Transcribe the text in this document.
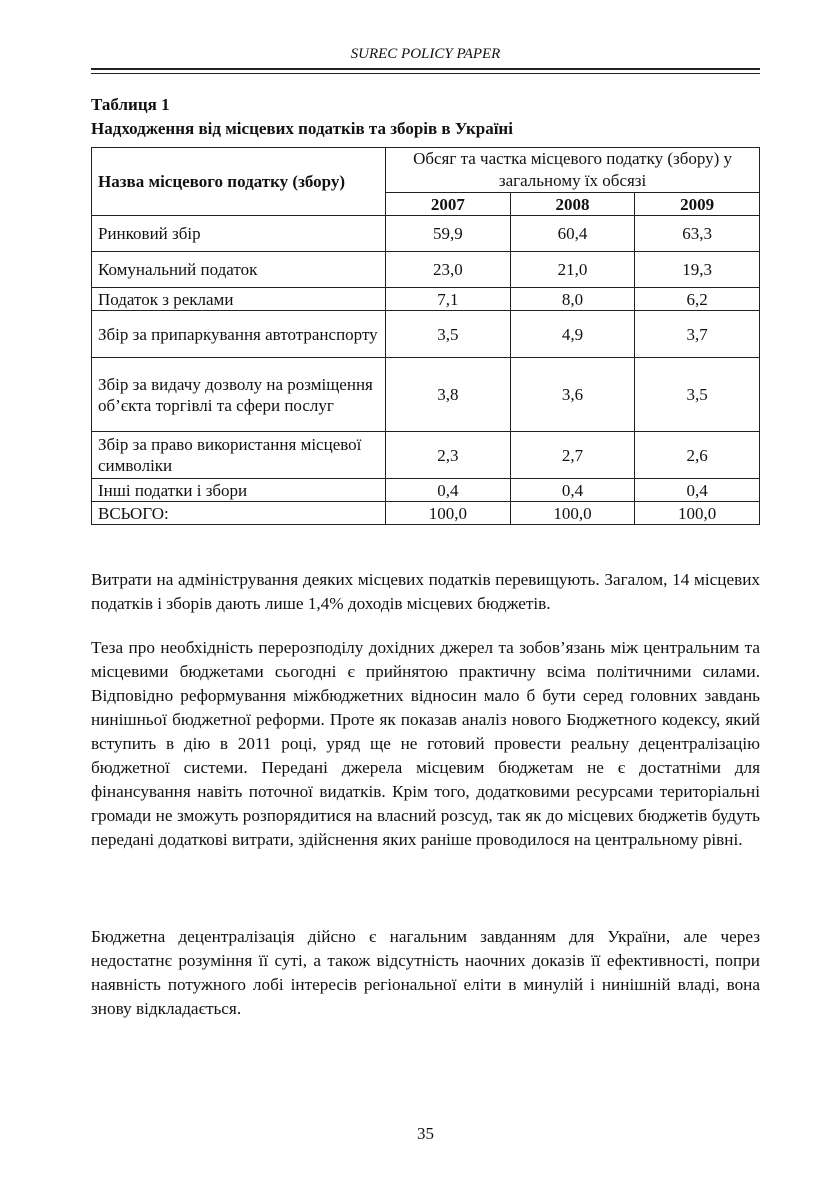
SUREC POLICY PAPER
Таблиця 1
Надходження від місцевих податків та зборів в Україні
Назва місцевого податку (збору)	Обсяг та частка місцевого податку (збору) у загальному їх обсязі		
	2007	2008	2009
Ринковий збір	59,9	60,4	63,3
Комунальний податок	23,0	21,0	19,3
Податок з реклами	7,1	8,0	6,2
Збір за припаркування автотранспорту	3,5	4,9	3,7
Збір за видачу дозволу на розміщення об’єкта торгівлі та сфери послуг	3,8	3,6	3,5
Збір за право використання місцевої символіки	2,3	2,7	2,6
Інші податки і збори	0,4	0,4	0,4
ВСЬОГО:	100,0	100,0	100,0

Витрати на адміністрування деяких місцевих податків перевищують. Загалом, 14 місцевих податків і зборів дають лише 1,4% доходів місцевих бюджетів.

Теза про необхідність перерозподілу дохідних джерел та зобов’язань між центральним та місцевими бюджетами сьогодні є прийнятою практичну всіма політичними силами. Відповідно реформування міжбюджетних відносин мало б бути серед головних завдань нинішньої бюджетної реформи. Проте як показав аналіз нового Бюджетного кодексу, який вступить в дію в 2011 році, уряд ще не готовий провести реальну децентралізацію бюджетної системи. Передані джерела місцевим бюджетам не є достатніми для фінансування навіть поточної видатків. Крім того, додатковими ресурсами територіальні громади не зможуть розпорядитися на власний розсуд, так як до місцевих бюджетів будуть передані додаткові витрати, здійснення яких раніше проводилося на центральному рівні.

Бюджетна децентралізація дійсно є нагальним завданням для України, але через недостатнє розуміння її суті, а також відсутність наочних доказів її ефективності, попри наявність потужного лобі інтересів регіональної еліти в минулій і нинішній владі, вона знову відкладається.

35
